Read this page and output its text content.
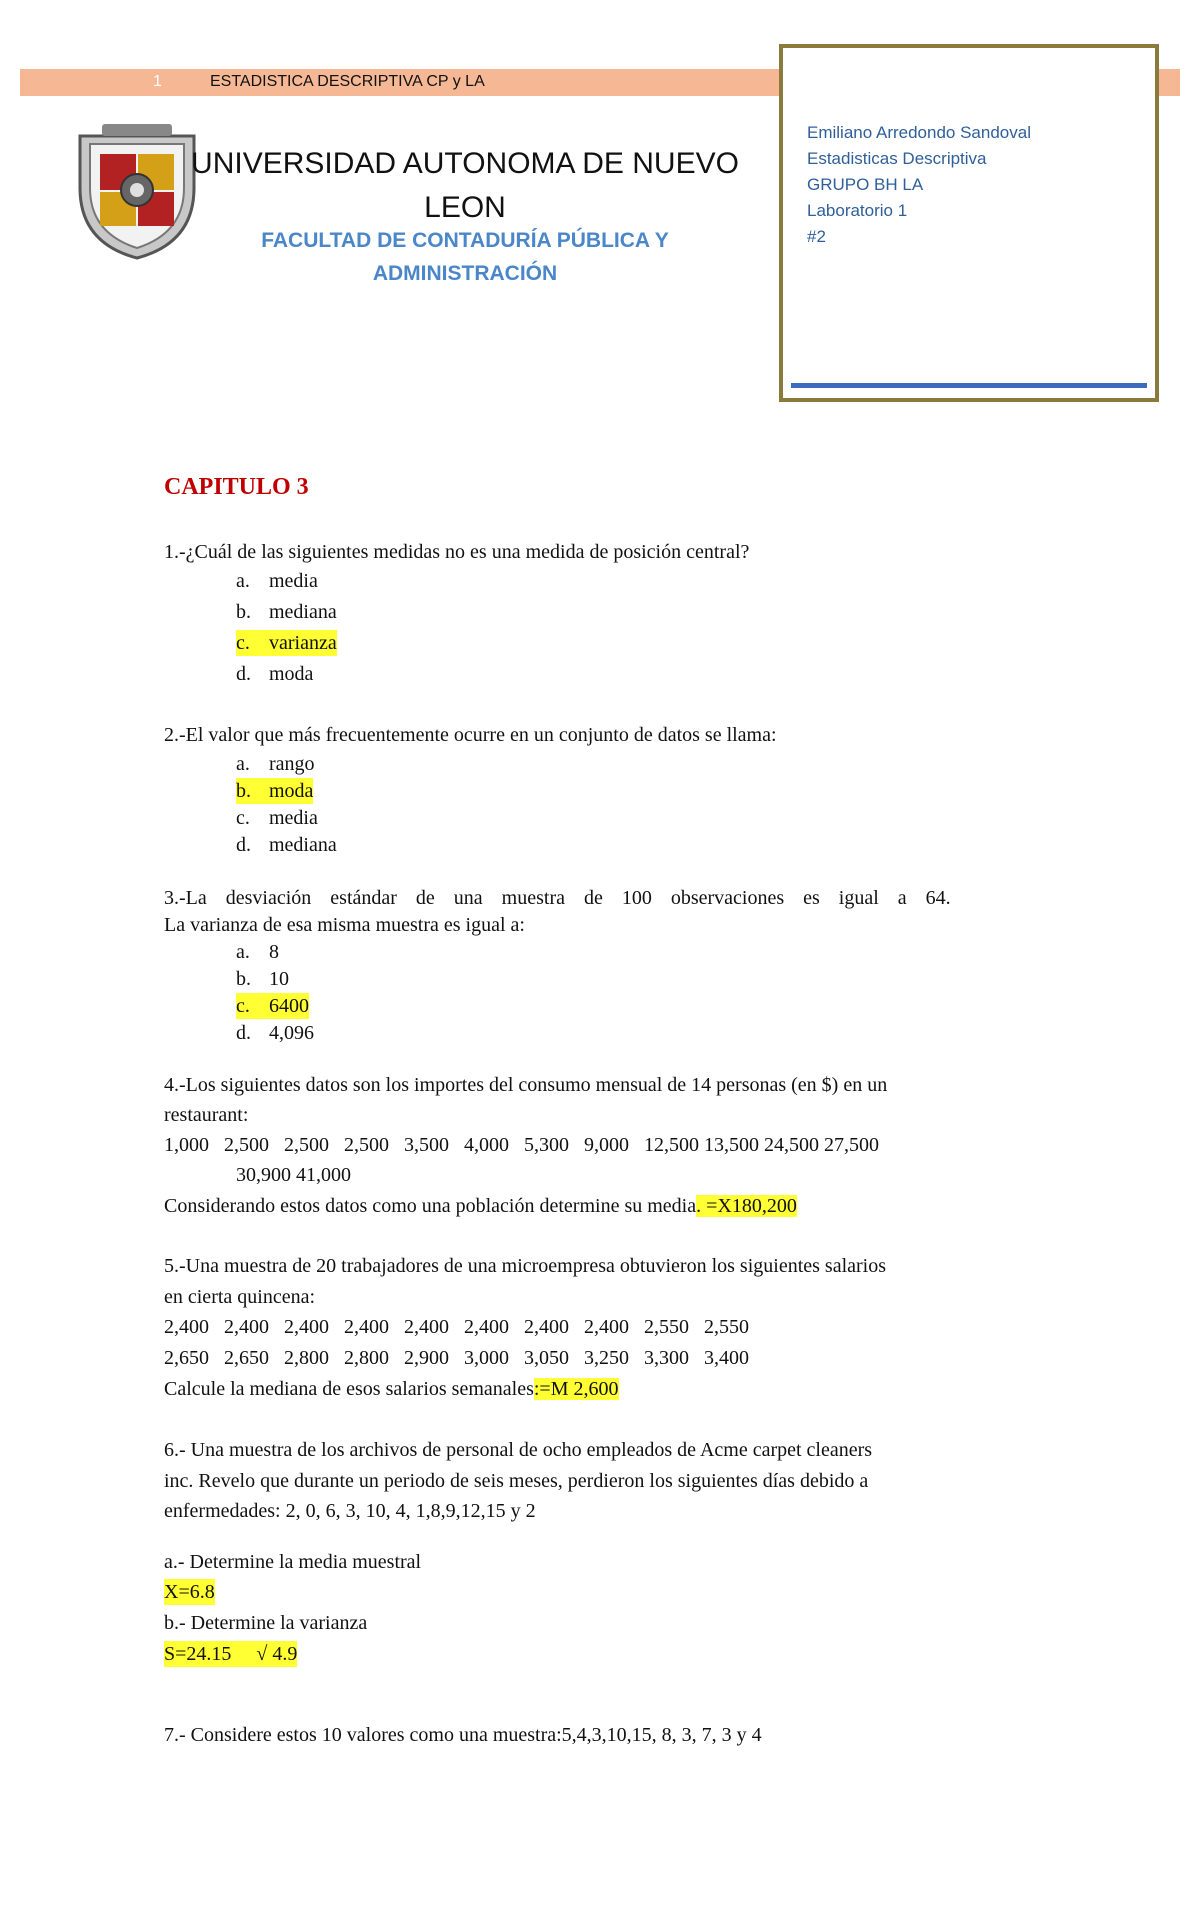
1	ESTADISTICA DESCRIPTIVA CP y LA
UNIVERSIDAD AUTONOMA DE NUEVO
LEON
FACULTAD DE CONTADURÍA PÚBLICA Y
ADMINISTRACIÓN
Emiliano Arredondo Sandoval
Estadisticas Descriptiva
GRUPO BH LA
Laboratorio 1
#2
CAPITULO 3
1.-¿Cuál de las siguientes medidas no es una medida de posición central?
a. media
b. mediana
c. varianza
d. moda
2.-El valor que más frecuentemente ocurre en un conjunto de datos se llama:
a. rango
b. moda
c. media
d. mediana
3.-La desviación estándar de una muestra de 100 observaciones es igual a 64.
La varianza de esa misma muestra es igual a:
a. 8
b. 10
c. 6400
d. 4,096
4.-Los siguientes datos son los importes del consumo mensual de 14 personas (en $) en un
restaurant:
1,000   2,500   2,500   2,500   3,500   4,000   5,300   9,000   12,500 13,500 24,500 27,500
30,900 41,000
Considerando estos datos como una población determine su media. =X180,200
5.-Una muestra de 20 trabajadores de una microempresa obtuvieron los siguientes salarios
en cierta quincena:
2,400   2,400   2,400   2,400   2,400   2,400   2,400   2,400   2,550   2,550
2,650   2,650   2,800   2,800   2,900   3,000   3,050   3,250   3,300   3,400
Calcule la mediana de esos salarios semanales:=M 2,600
6.- Una muestra de los archivos de personal de ocho empleados de Acme carpet cleaners
inc. Revelo que durante un periodo de seis meses, perdieron los siguientes días debido a
enfermedades: 2, 0, 6, 3, 10, 4, 1,8,9,12,15 y 2
a.- Determine la media muestral
X=6.8
b.- Determine la varianza
S=24.15     √ 4.9
7.- Considere estos 10 valores como una muestra:5,4,3,10,15, 8, 3, 7, 3 y 4
